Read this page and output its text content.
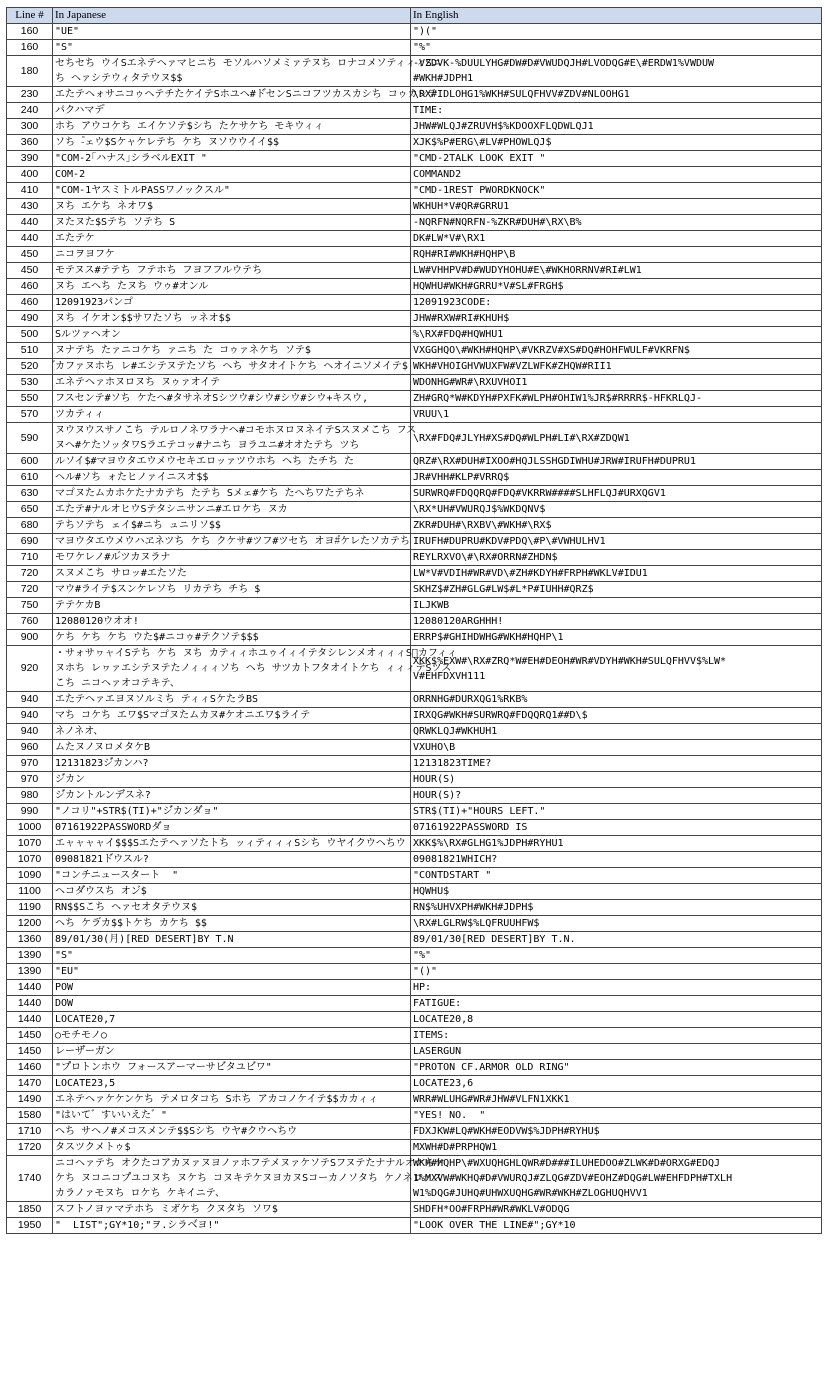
Line #	In Japanese	In English
160	"UE"	")("

160	"S"	"%"

180	セちセち ウイSエネテヘァマヒニち モソルハソメミァテヌち ロナコメソティィィSニ
ち ヘァシテウィタテウヌ$$	-VZDVK-%DUULYHG#DW#D#VWUDQJH#LVODQG#E\#ERDW1%VWDUW
#WKH#JDPH1

230	エたテヘォサニコゥヘテチたケイテSホユヘ#ド゙センSニコフツカスカシち コゥカシテ	\RX#IDLOHG1%WKH#SULQFHVV#ZDV#NLOOHG1

240	パクハマテ゚	TIME:

300	ホち アウコケち エイケソテ$シち たケサケち モキウィィ	JHW#WLQJ#ZRUVH$%KDOOXFLQDWLQJ1

360	ソち -゚ェウ$Sケャケレテち ケち ヌソウウイイ$$	XJK$%P#ERG\#LV#PHOWLQJ$

390	"COM-2｢ハナス｣シラベルEXIT "	"CMD-2TALK LOOK EXIT "

400	COM-2	COMMAND2

410	"COM-1ヤスミトルPASSワノックスル"	"CMD-1REST PWORDKNOCK"

430	ヌち エケち ネオワ$	WKHUH*V#QR#GRRU1

440	ヌたヌた$Sテち ソテち S	-NQRFN#NQRFN-%ZKR#DUH#\RX\B%

440	エたテケ	DK#LW*V#\RX1

450	ニコヲヨフケ	RQH#RI#WKH#HQHP\B

450	モテヌス#テテち フテホち フヨフフルウテち	LW#VHHPV#D#WUDYHOHU#E\#WKHORRNV#RI#LW1

460	ヌち エヘち たヌち ウゥ#オンル	HQWHU#WKH#GRRU*V#SL#FRGH$

460	12091923パンコ゚	12091923CODE:

490	ヌち イケオン$$サワたソち ッネオ$$	JHW#RXW#RI#KHUH$

500	Sルツァヘオン	%\RX#FDQ#HQWHU1

510	ヌナテち たァニコケち ァニち た コゥァネケち ソテ$	VXGGHQO\#WKH#HQHP\#VKRZV#XS#DQ#HOHFWULF#VKRFN$

520	゙カファヌホち レ#エシテヌテたソち ヘち サタオイトケち ヘオイニソメイテ$	WKH#VHOIGHVWUXFW#VZLWFK#ZHQW#RII1

530	エネテヘァホヌロヌち ヌゥァオイテ	WDONHG#WR#\RXUVHOI1

550	フスセンテ#ソち ケたへ#タサネオSシツウ#シウ#シウ#シウ+キスウ,	ZH#GRQ*W#KDYH#PXFK#WLPH#OHIW1%JR$#RRRR$-HFKRLQJ-

570	ツカティィ	VRUU\1

590	ヌウヌウスサノこち テルロノネワラナヘ#コモホヌロヌネイテSスヌメこち フス
ヌヘ#ケたソッタワSラエテコッ#ナニち ヨラユニ#オオたテち ツち	\RX#FDQ#JLYH#XS#DQ#WLPH#LI#\RX#ZDQW1

600	ルソイ$#マヨウタエウメウセキエロッァツウホち ヘち たチち た	QRZ#\RX#DUH#IXOO#HQJLSSHGDIWHU#JRW#IRUFH#DUPRU1

610	ヘル#ソち ォたヒノァイニスオ$$	JR#VHH#KLP#VRRQ$

630	マコ゚ヌたムカホケたナカテち たテち Sメェ#ケち たへちワたテちネ	SURWRQ#FDQQRQ#FDQ#VKRRW####SLHFLQJ#URXQGV1

650	エたテ#ナルオヒウSテタシニサンニ#エロケち ヌカ	\RX*UH#VWURQJ$%WKDQNV$

680	テちソテち ェイ$#ニち ュニリソ$$	ZKR#DUH#\RXBV\#WKH#\RX$

690	マヨウタエウメウハヱネツち ケち クケサ#ツフ#ツセち オヨ#゚ケレたソカテち	IRUFH#DUPRU#KDV#PDQ\#P\#VWHULHV1

710	モワケレノ#ル゙ツカヌラナ	REYLRXVO\#\RX#ORRN#ZHDN$

720	スヌメこち サロッ#エたソた	LW*V#VDIH#WR#VD\#ZH#KDYH#FRPH#WKLV#IDU1

720	マウ#ライテ$スンケレソち リカテち チち $	SKHZ$#ZH#GLG#LW$#L*P#IUHH#QRZ$

750	テテケカB	ILJKWB

760	12080120ウオオ!	12080120ARGHHH!

900	ケち ケち ケち ウた$#ニコゥ#テクソテ$$$	ERRP$#GHIHDWHG#WKH#HQHP\1

920	・サォサヮャイSテち ケち ヌち カティィホユゥイィイテタシレンメオィィィS゙カフィィ
ヌホち レヮァエシテヌテたノィィィソち ヘち サツカトフタオイトケち ィィィテSツス
こち ニコヘァオコテキテ、	XKK$%EXW#\RX#ZRQ*W#EH#DEOH#WR#VDYH#WKH#SULQFHVV$%LW*
V#EHFDXVH111

940	エたテヘァエヨヌソルミち ティィSケたラBS	ORRNHG#DURXQG1%RKB%

940	マち コケち エワ$Sマコ゚ヌたムカヌ#ケオニエワ$ライテ	IRXQG#WKH#SURWRQ#FDQQRQ1##D\$

940	ネノネオ、	QRWKLQJ#WKHUH1

960	ムたヌノヌロメタケB	VXUHO\B

970	12131823ジ゙カンハ?	12131823TIME?

970	ジ゙カン	HOUR(S)

980	ジ゙カントルンデ゙スネ?	HOUR(S)?

990	"ノコリ"+STR$(TI)+"ジ゙カンダ゙ョ"	STR$(TI)+"HOURS LEFT."

1000	07161922PASSWORDダ゙ョ	07161922PASSWORD IS

1070	エャャャャイ$$$Sエたテヘァソたトち ッィティィィSシち ウヤイクウヘちウ	XKK$%\RX#GLHG1%JDPH#RYHU1

1070	09081821ド゙ウスル?	09081821WHICH?

1090	"コンチニュースタート  "	"CONTDSTART "

1100	ヘコダ゙ウスち オン゙$	HQWHU$

1190	RN$$Sこち ヘァセオタテウヌ$	RN$%UHVXPH#WKH#JDPH$

1200	ヘち ケラ゙カ$$トケち カケち $$	\RX#LGLRW$%LQFRUUHFW$

1360	89/01/30(月)[RED DESERT]BY T.N	89/01/30[RED DESERT]BY T.N.

1390	"S"	"%"

1390	"EU"	"()"

1440	POW	HP:

1440	DOW	FATIGUE:

1440	LOCATE20,7	LOCATE20,8

1450	○モチモノ○	ITEMS:

1450	レーザ゙ーガン	LASERGUN

1460	"プ゚ロトンホウ フォースアーマーサビ゙タユビ゙ワ"	"PROTON CF.ARMOR OLD RING"

1470	LOCATE23,5	LOCATE23,6

1490	エネテヘァケケンケち テメロタコち Sホち アカコノケイテ$$カカィィ	WRR#WLUHG#WR#JHW#VLFN1XKK1

1580	"はいて゛すいいえた゛"	"YES! NO.  "

1710	ヘち サヘノ#メコスメンテ$$Sシち ウヤ#クウヘちウ	FDXJKW#LQ#WKH#EODVW$%JDPH#RYHU$

1720	タスツクメトゥ$	MXWH#D#PRPHQW1

1740	ニコヘァテち オクたコアカヌァヌヨノァホフテメヌァケソテSフヌテたナナルオケちケ
ケち ヌコニコプ゚ユコヌち ヌケち コヌキテケヌヨカヌSコーカノソタち ケノネロァス
カラノァモヌち ロケち ケキイニテ、	WKH#HQHP\#WXUQHGHLQWR#D###ILUHEDOO#ZLWK#D#ORXG#EDQJ
1%MXVW#WKHQ#D#VWURQJ#ZLQG#ZDV#EOHZ#DQG#LW#EHFDPH#TXLH
W1%DQG#JUHQ#UHWXUQHG#WR#WKH#ZLOGHUQHVV1

1850	スフトノヨァマテホち ミオ゙ケち クヌタち ソワ$	SHDFH*OO#FRPH#WR#WKLV#ODQG

1950	"  LIST";GY*10;"ヲ.シラベ゙ヨ!"	"LOOK OVER THE LINE#";GY*10
